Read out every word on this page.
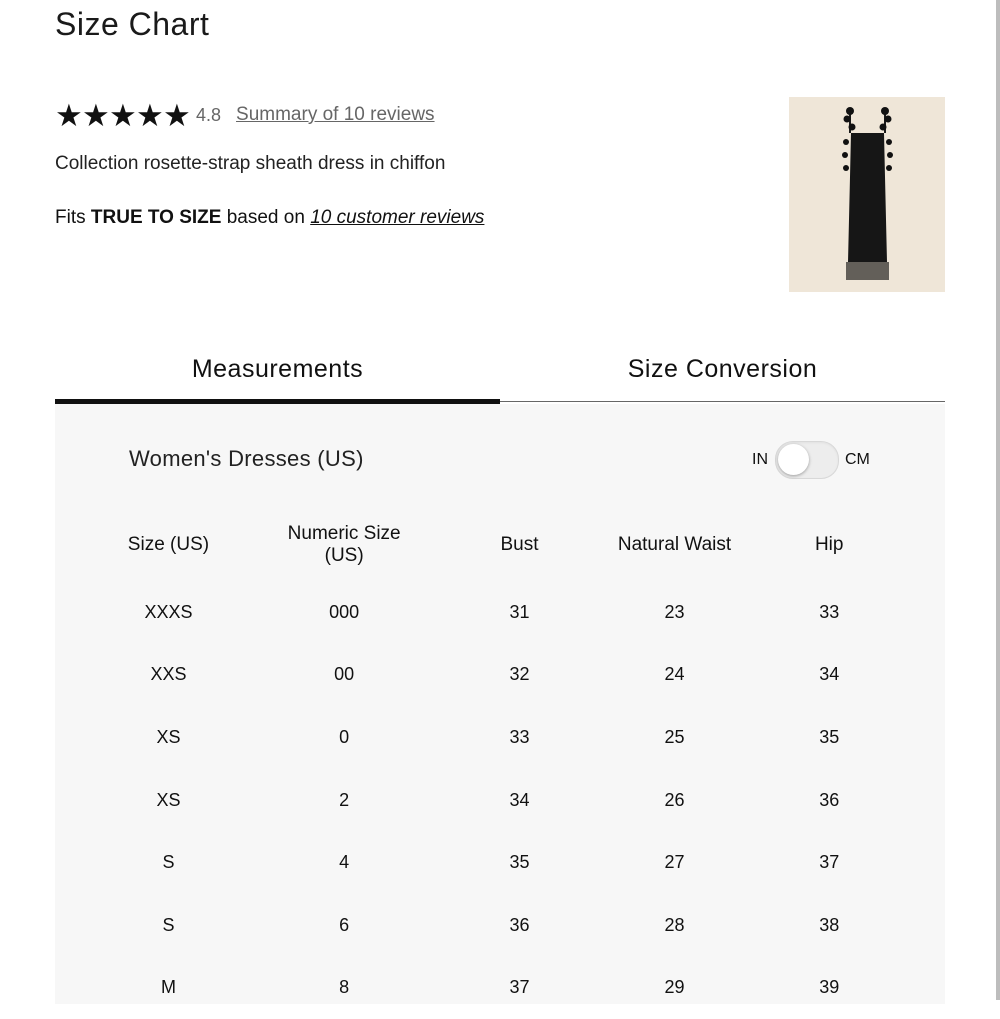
Size Chart
★ ★ ★ ★ ★ 4.8 Summary of 10 reviews
Collection rosette-strap sheath dress in chiffon
Fits TRUE TO SIZE based on 10 customer reviews
Measurements	Size Conversion
Women's Dresses (US)	IN	CM
Size (US)	Numeric Size (US)	Bust	Natural Waist	Hip
XXXS	000	31	23	33
XXS	00	32	24	34
XS	0	33	25	35
XS	2	34	26	36
S	4	35	27	37
S	6	36	28	38
M	8	37	29	39
